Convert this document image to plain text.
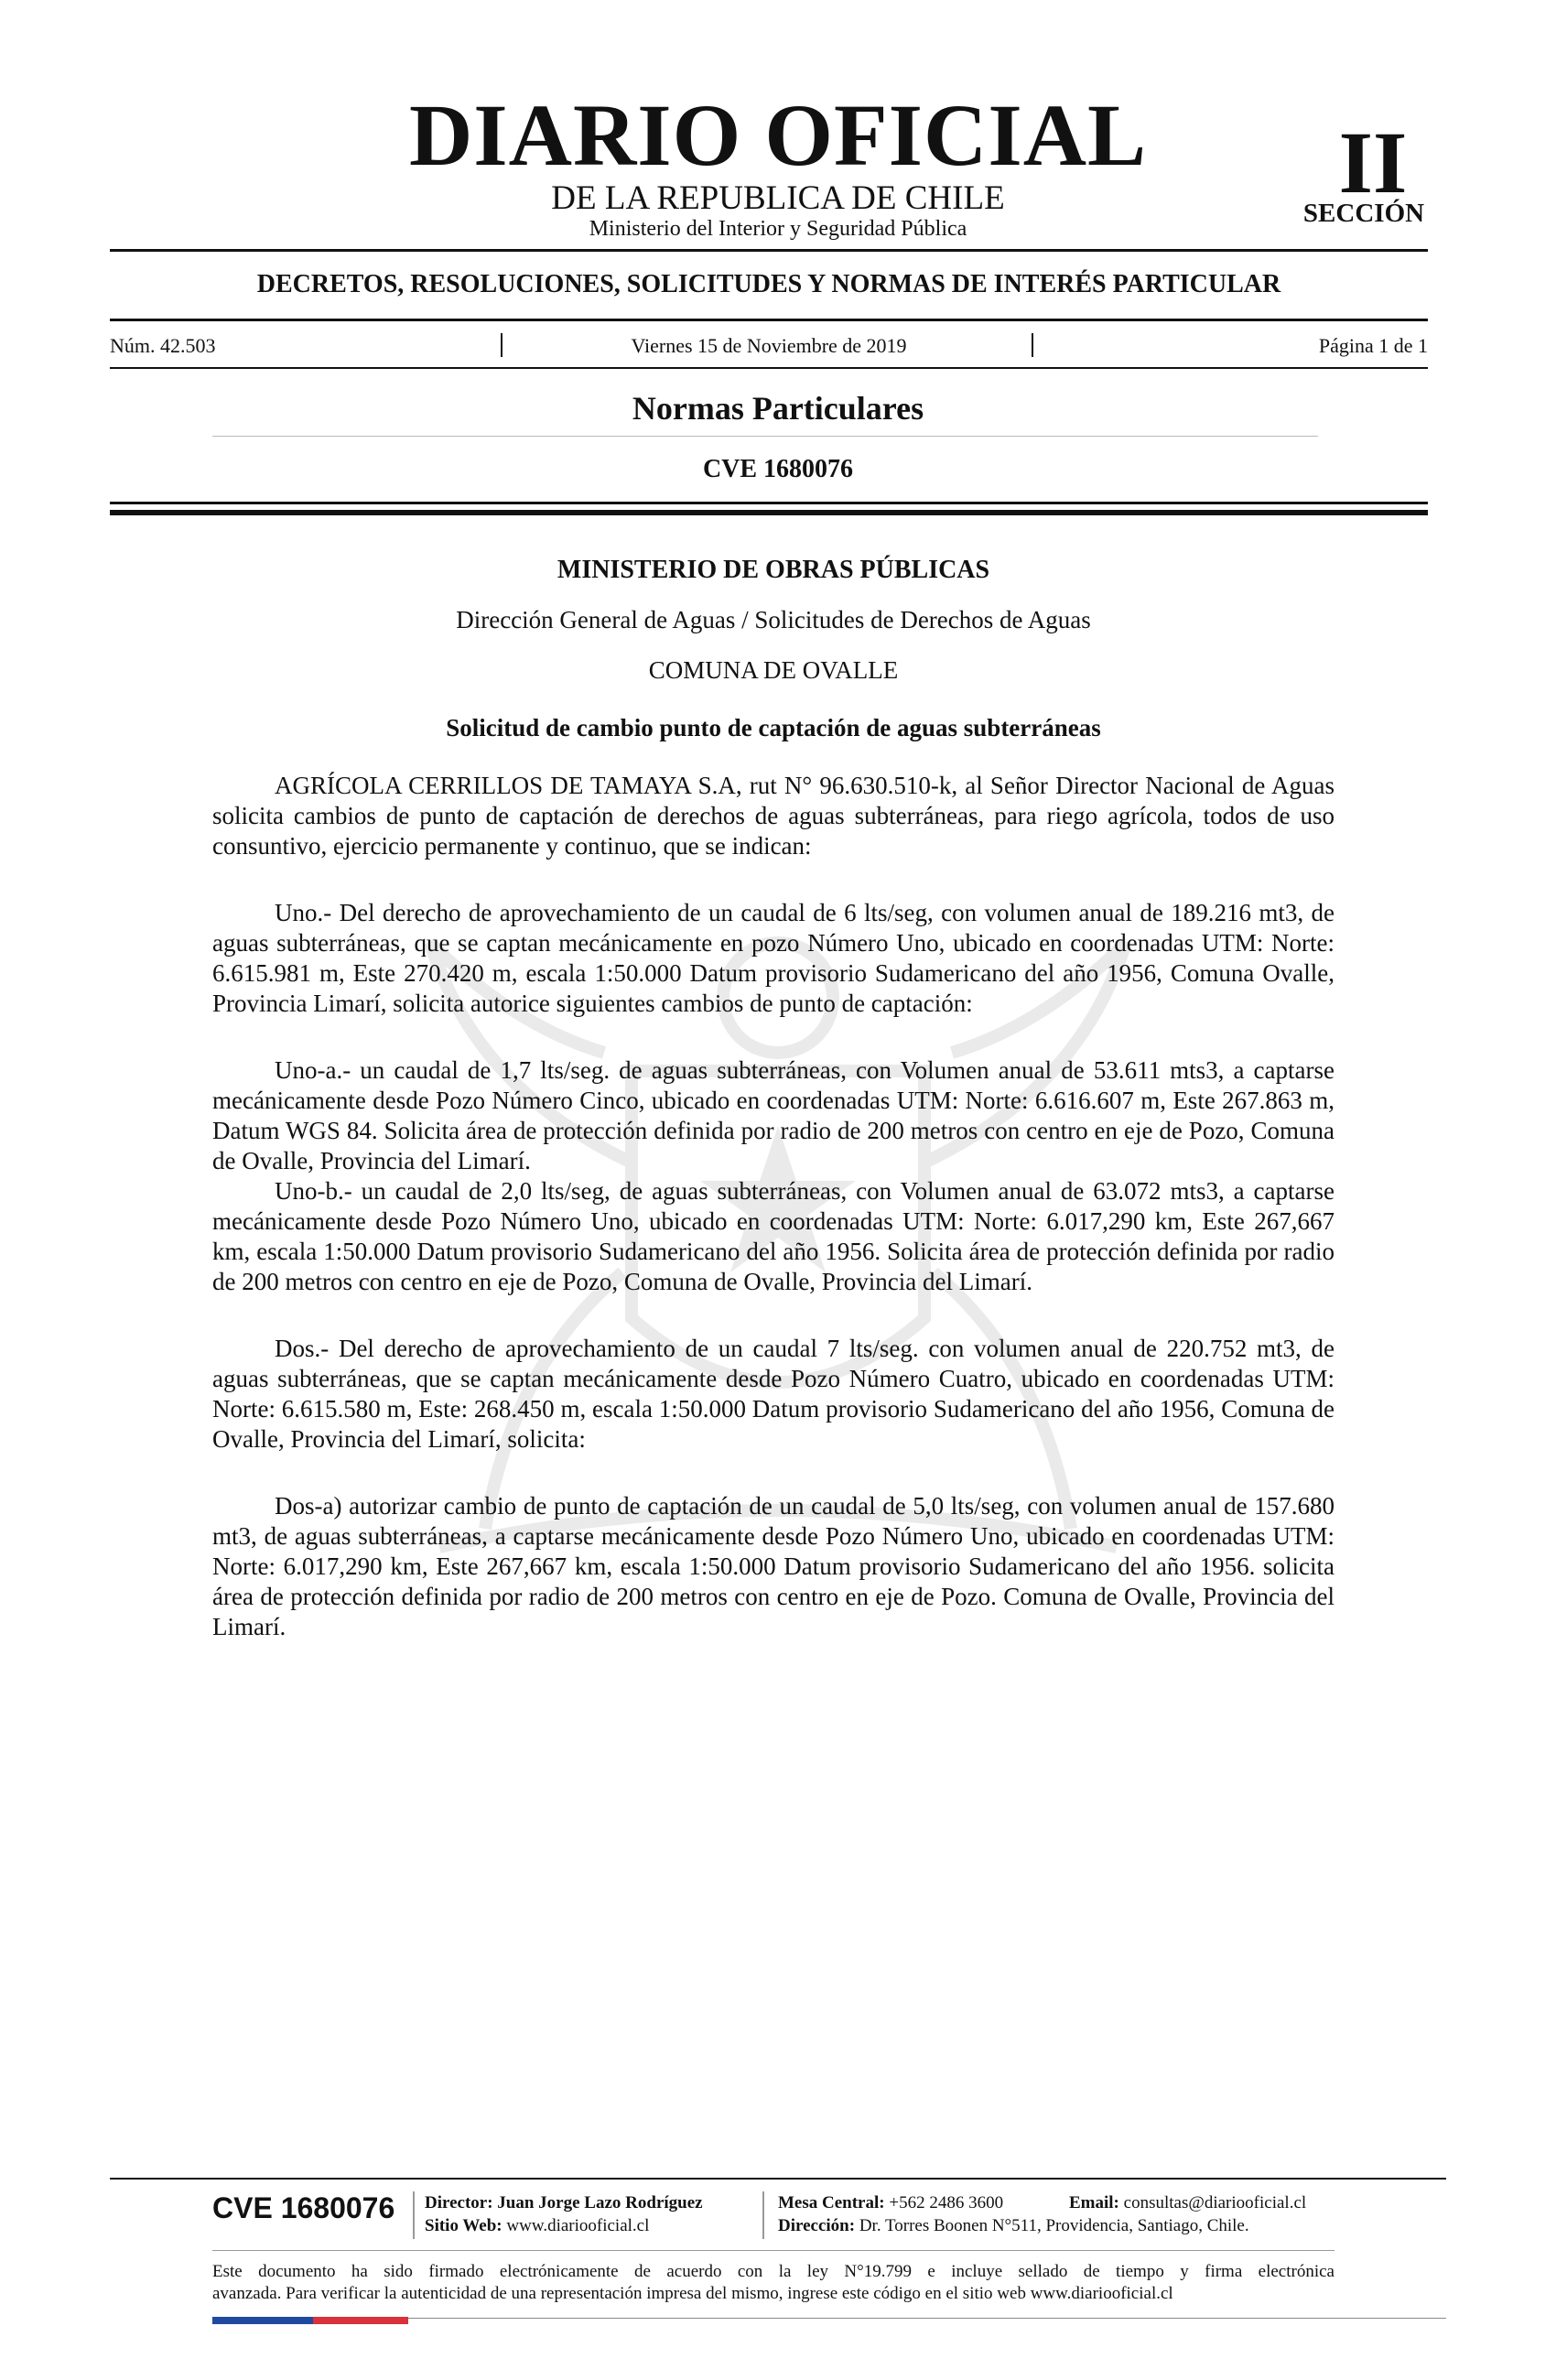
DIARIO OFICIAL
DE LA REPUBLICA DE CHILE
Ministerio del Interior y Seguridad Pública
II
SECCIÓN
DECRETOS, RESOLUCIONES, SOLICITUDES Y NORMAS DE INTERÉS PARTICULAR
Núm. 42.503	Viernes 15 de Noviembre de 2019	Página 1 de 1
Normas Particulares
CVE 1680076
MINISTERIO DE OBRAS PÚBLICAS
Dirección General de Aguas / Solicitudes de Derechos de Aguas
COMUNA DE OVALLE
Solicitud de cambio punto de captación de aguas subterráneas

AGRÍCOLA CERRILLOS DE TAMAYA S.A, rut N° 96.630.510-k, al Señor Director Nacional de Aguas solicita cambios de punto de captación de derechos de aguas subterráneas, para riego agrícola, todos de uso consuntivo, ejercicio permanente y continuo, que se indican:

Uno.- Del derecho de aprovechamiento de un caudal de 6 lts/seg, con volumen anual de 189.216 mt3, de aguas subterráneas, que se captan mecánicamente en pozo Número Uno, ubicado en coordenadas UTM: Norte: 6.615.981 m, Este 270.420 m, escala 1:50.000 Datum provisorio Sudamericano del año 1956, Comuna Ovalle, Provincia Limarí, solicita autorice siguientes cambios de punto de captación:

Uno-a.- un caudal de 1,7 lts/seg. de aguas subterráneas, con Volumen anual de 53.611 mts3, a captarse mecánicamente desde Pozo Número Cinco, ubicado en coordenadas UTM: Norte: 6.616.607 m, Este 267.863 m, Datum WGS 84. Solicita área de protección definida por radio de 200 metros con centro en eje de Pozo, Comuna de Ovalle, Provincia del Limarí.

Uno-b.- un caudal de 2,0 lts/seg, de aguas subterráneas, con Volumen anual de 63.072 mts3, a captarse mecánicamente desde Pozo Número Uno, ubicado en coordenadas UTM: Norte: 6.017,290 km, Este 267,667 km, escala 1:50.000 Datum provisorio Sudamericano del año 1956. Solicita área de protección definida por radio de 200 metros con centro en eje de Pozo, Comuna de Ovalle, Provincia del Limarí.

Dos.- Del derecho de aprovechamiento de un caudal 7 lts/seg. con volumen anual de 220.752 mt3, de aguas subterráneas, que se captan mecánicamente desde Pozo Número Cuatro, ubicado en coordenadas UTM: Norte: 6.615.580 m, Este: 268.450 m, escala 1:50.000 Datum provisorio Sudamericano del año 1956, Comuna de Ovalle, Provincia del Limarí, solicita:

Dos-a) autorizar cambio de punto de captación de un caudal de 5,0 lts/seg, con volumen anual de 157.680 mt3, de aguas subterráneas, a captarse mecánicamente desde Pozo Número Uno, ubicado en coordenadas UTM: Norte: 6.017,290 km, Este 267,667 km, escala 1:50.000 Datum provisorio Sudamericano del año 1956. solicita área de protección definida por radio de 200 metros con centro en eje de Pozo. Comuna de Ovalle, Provincia del Limarí.

CVE 1680076 Director: Juan Jorge Lazo Rodríguez
Sitio Web: www.diariooficial.cl
Mesa Central: +562 2486 3600
Dirección: Dr. Torres Boonen N°511, Providencia, Santiago, Chile.
Email: consultas@diariooficial.cl
Este documento ha sido firmado electrónicamente de acuerdo con la ley N°19.799 e incluye sellado de tiempo y firma electrónica
avanzada. Para verificar la autenticidad de una representación impresa del mismo, ingrese este código en el sitio web www.diariooficial.cl
